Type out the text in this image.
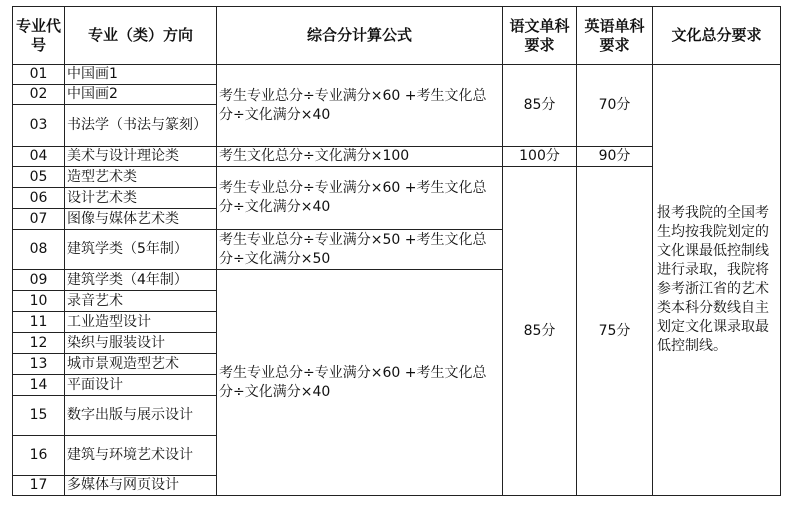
专业代号	专业（类）方向	综合分计算公式	语文单科要求	英语单科要求	文化总分要求
01	中国画1	考生专业总分÷专业满分×60 +考生文化总分÷文化满分×40	85分	70分	报考我院的全国考生均按我院划定的文化课最低控制线进行录取，我院将参考浙江省的艺术类本科分数线自主划定文化课录取最低控制线。
02	中国画2				
03	书法学（书法与篆刻）				
04	美术与设计理论类	考生文化总分÷文化满分×100	100分	90分	
05	造型艺术类	考生专业总分÷专业满分×60 +考生文化总分÷文化满分×40	85分	75分	
06	设计艺术类				
07	图像与媒体艺术类				
08	建筑学类（5年制）	考生专业总分÷专业满分×50 +考生文化总分÷文化满分×50			
09	建筑学类（4年制）	考生专业总分÷专业满分×60 +考生文化总分÷文化满分×40			
10	录音艺术				
11	工业造型设计				
12	染织与服装设计				
13	城市景观造型艺术				
14	平面设计				
15	数字出版与展示设计				
16	建筑与环境艺术设计				
17	多媒体与网页设计				
